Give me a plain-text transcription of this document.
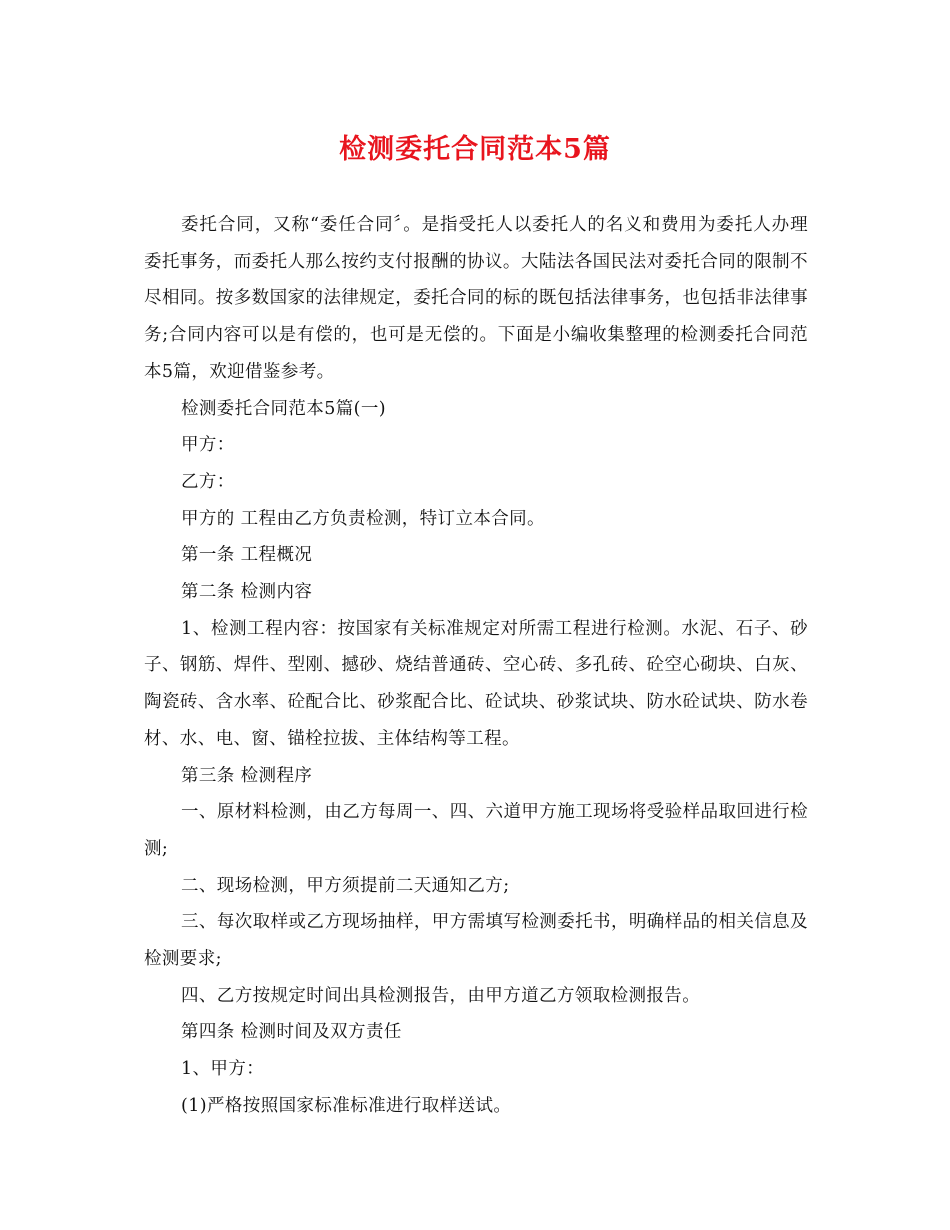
检测委托合同范本5篇

委托合同，又称“委任合同〞。是指受托人以委托人的名义和费用为委托人办理委托事务，而委托人那么按约支付报酬的协议。大陆法各国民法对委托合同的限制不尽相同。按多数国家的法律规定，委托合同的标的既包括法律事务，也包括非法律事务;合同内容可以是有偿的，也可是无偿的。下面是小编收集整理的检测委托合同范本5篇，欢迎借鉴参考。

检测委托合同范本5篇(一)

甲方：

乙方：

甲方的 工程由乙方负责检测，特订立本合同。

第一条 工程概况

第二条 检测内容

1、检测工程内容：按国家有关标准规定对所需工程进行检测。水泥、石子、砂子、钢筋、焊件、型刚、撼砂、烧结普通砖、空心砖、多孔砖、砼空心砌块、白灰、陶瓷砖、含水率、砼配合比、砂浆配合比、砼试块、砂浆试块、防水砼试块、防水卷材、水、电、窗、锚栓拉拔、主体结构等工程。

第三条 检测程序

一、原材料检测，由乙方每周一、四、六道甲方施工现场将受验样品取回进行检测;

二、现场检测，甲方须提前二天通知乙方;

三、每次取样或乙方现场抽样，甲方需填写检测委托书，明确样品的相关信息及检测要求;

四、乙方按规定时间出具检测报告，由甲方道乙方领取检测报告。

第四条 检测时间及双方责任

1、甲方：

(1)严格按照国家标准标准进行取样送试。
